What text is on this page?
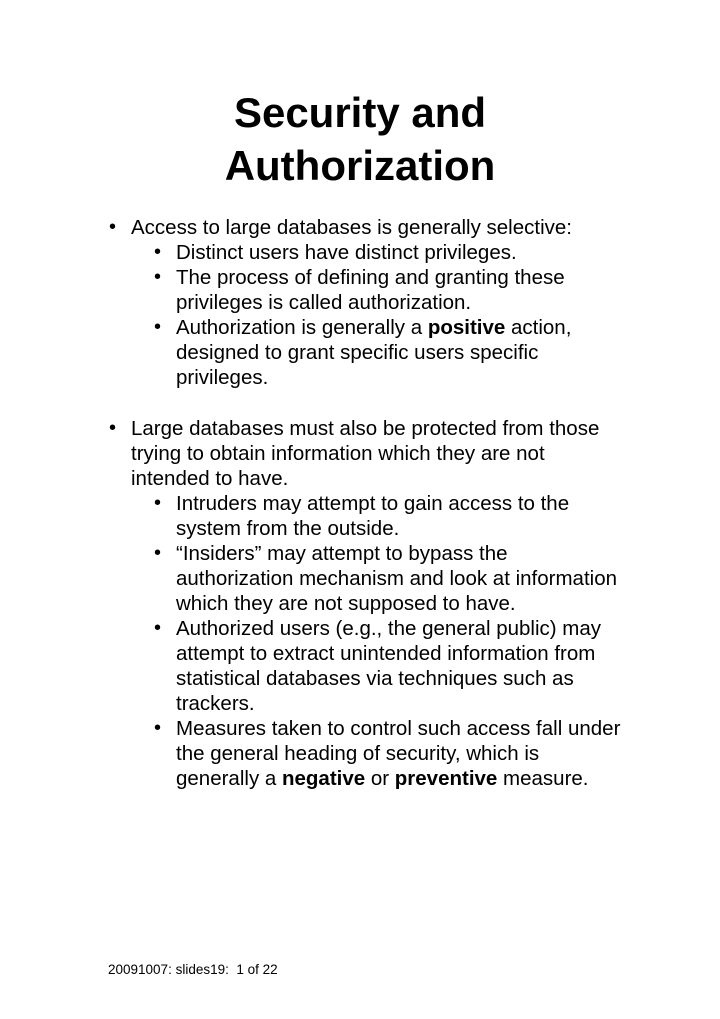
Security and
Authorization
• Access to large databases is generally selective:
• Distinct users have distinct privileges.
• The process of defining and granting these privileges is called authorization.
• Authorization is generally a positive action, designed to grant specific users specific privileges.
• Large databases must also be protected from those trying to obtain information which they are not intended to have.
• Intruders may attempt to gain access to the system from the outside.
• “Insiders” may attempt to bypass the authorization mechanism and look at information which they are not supposed to have.
• Authorized users (e.g., the general public) may attempt to extract unintended information from statistical databases via techniques such as trackers.
• Measures taken to control such access fall under the general heading of security, which is generally a negative or preventive measure.
20091007: slides19:  1 of 22
